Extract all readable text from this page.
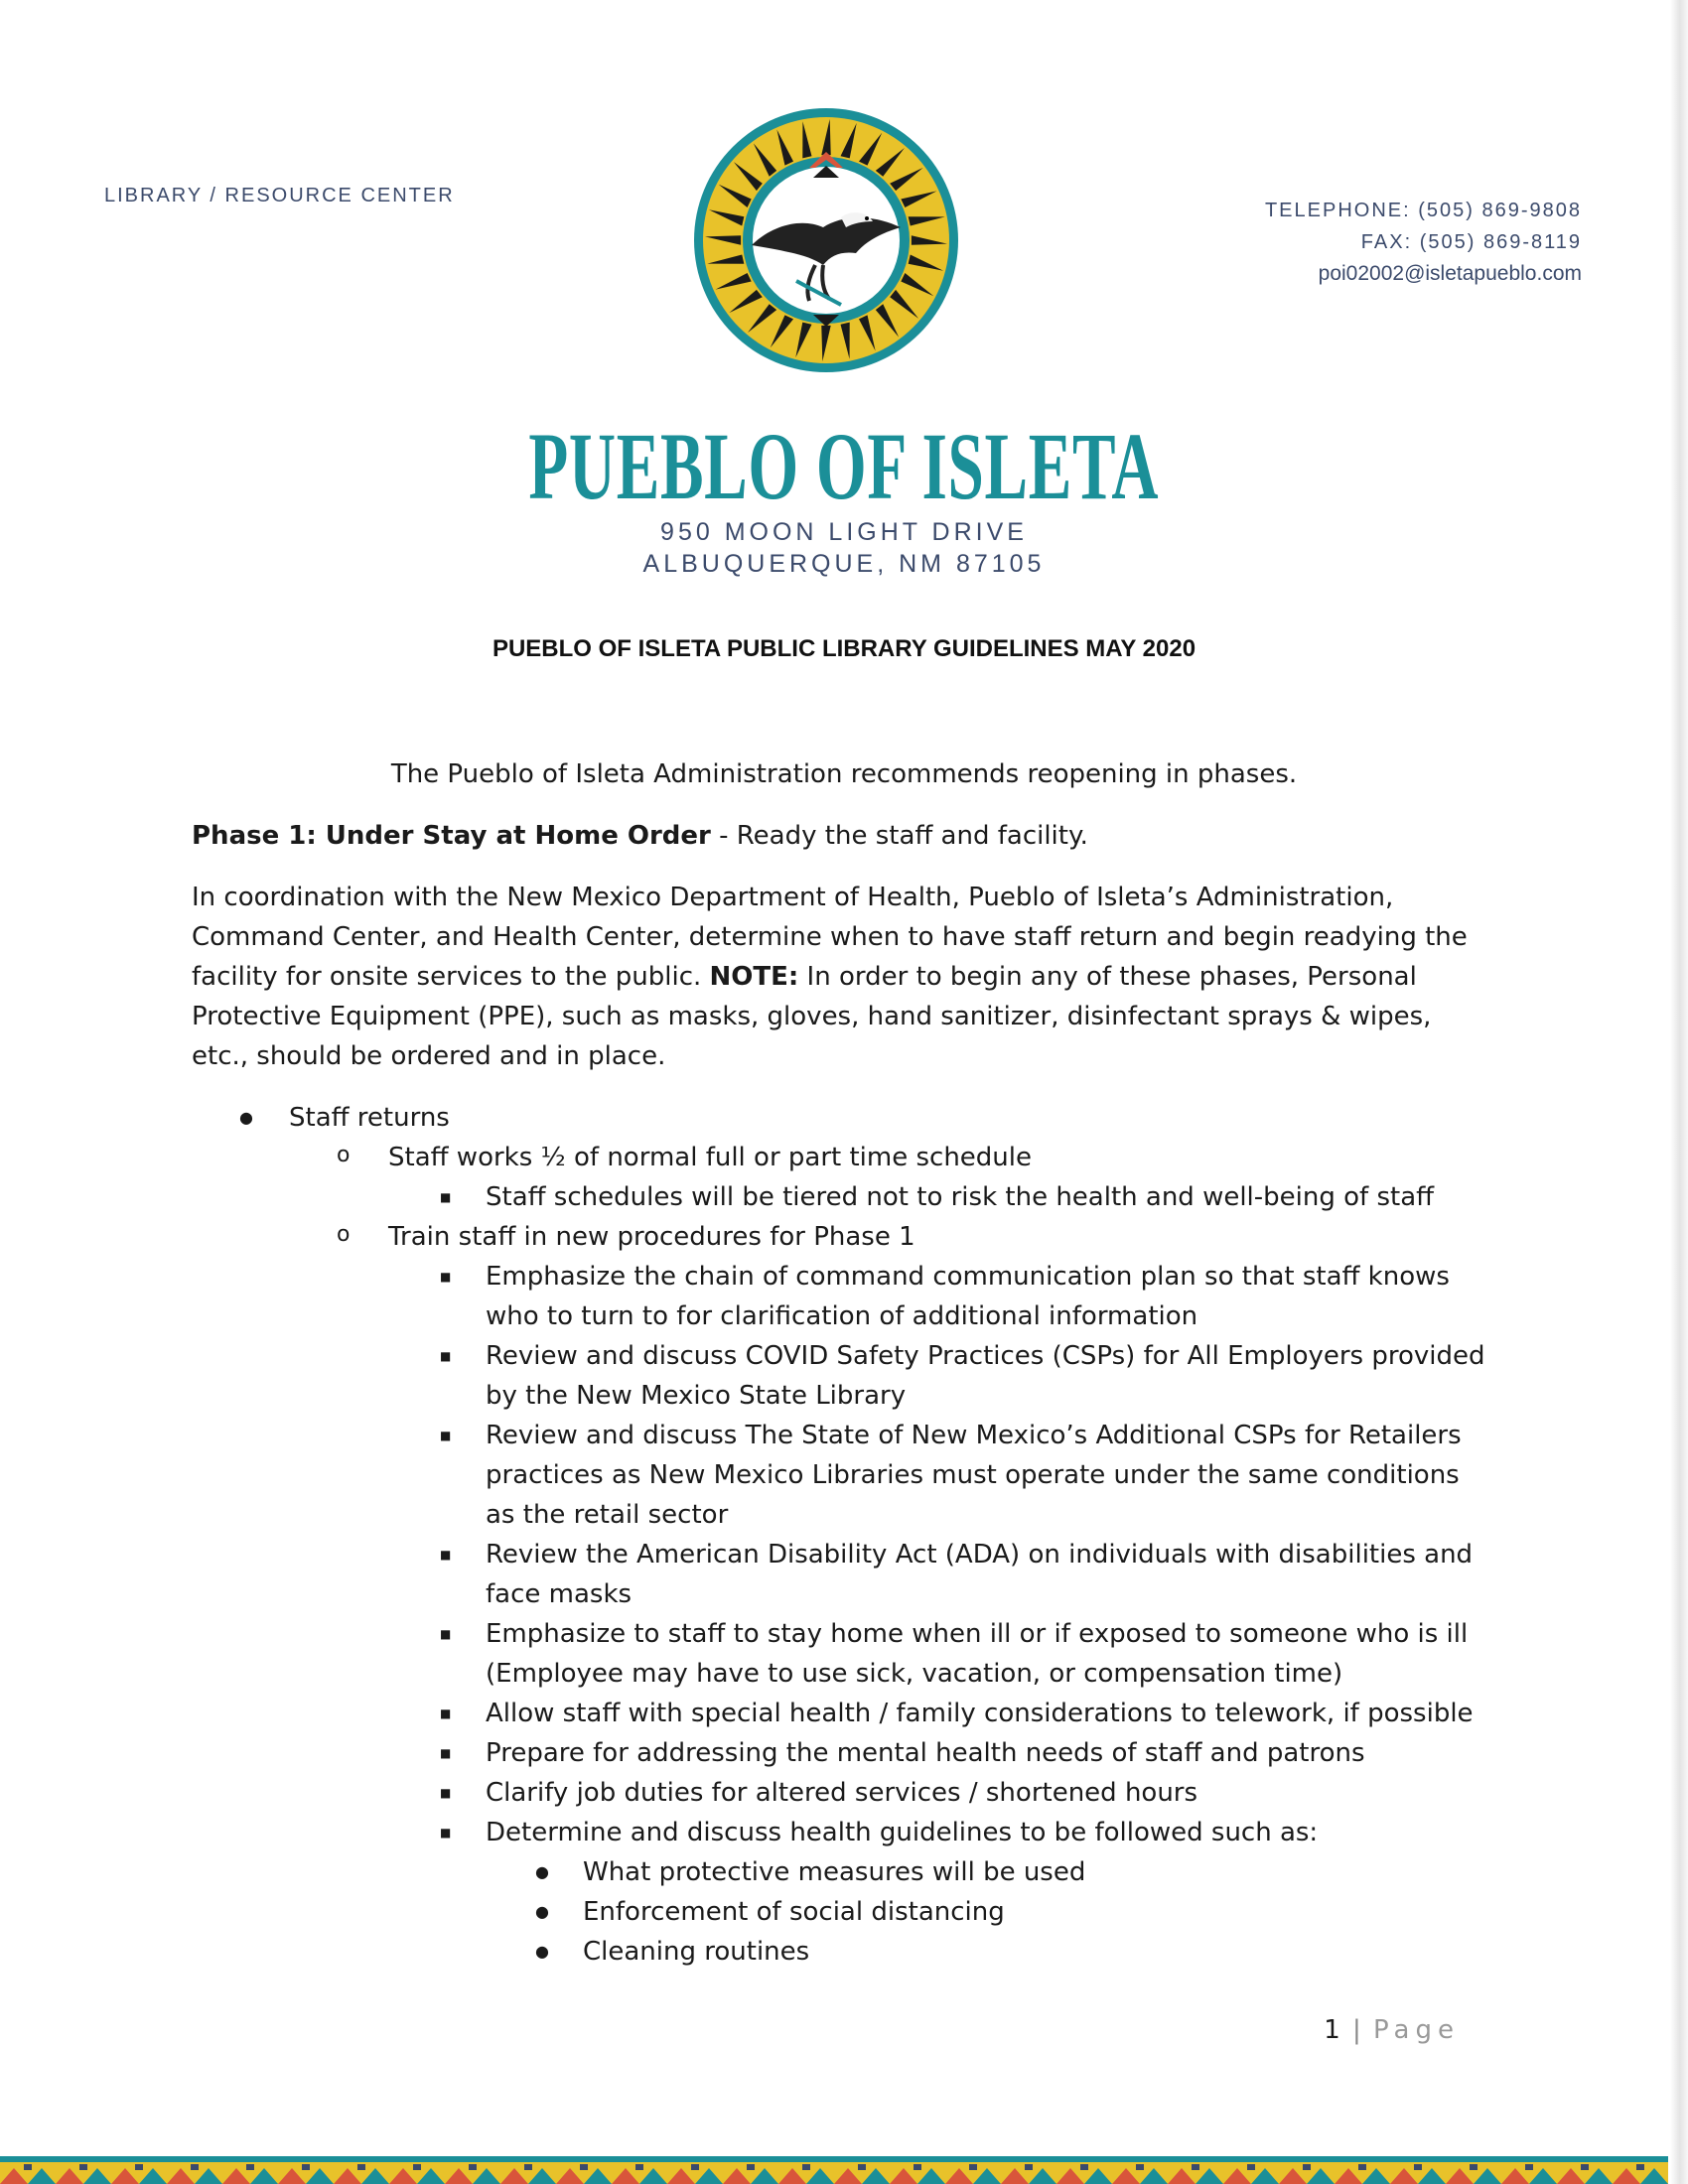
LIBRARY / RESOURCE CENTER
TELEPHONE: (505) 869-9808
FAX: (505) 869-8119
poi02002@isletapueblo.com
PUEBLO OF ISLETA
950 MOON LIGHT DRIVE
ALBUQUERQUE, NM 87105
PUEBLO OF ISLETA PUBLIC LIBRARY GUIDELINES MAY 2020

The Pueblo of Isleta Administration recommends reopening in phases.

Phase 1: Under Stay at Home Order - Ready the staff and facility.

In coordination with the New Mexico Department of Health, Pueblo of Isleta’s Administration, Command Center, and Health Center, determine when to have staff return and begin readying the facility for onsite services to the public. NOTE: In order to begin any of these phases, Personal Protective Equipment (PPE), such as masks, gloves, hand sanitizer, disinfectant sprays & wipes, etc., should be ordered and in place.

● Staff returns
o Staff works ½ of normal full or part time schedule
■ Staff schedules will be tiered not to risk the health and well-being of staff
o Train staff in new procedures for Phase 1
■ Emphasize the chain of command communication plan so that staff knows who to turn to for clarification of additional information
■ Review and discuss COVID Safety Practices (CSPs) for All Employers provided by the New Mexico State Library
■ Review and discuss The State of New Mexico’s Additional CSPs for Retailers practices as New Mexico Libraries must operate under the same conditions as the retail sector
■ Review the American Disability Act (ADA) on individuals with disabilities and face masks
■ Emphasize to staff to stay home when ill or if exposed to someone who is ill (Employee may have to use sick, vacation, or compensation time)
■ Allow staff with special health / family considerations to telework, if possible
■ Prepare for addressing the mental health needs of staff and patrons
■ Clarify job duties for altered services / shortened hours
■ Determine and discuss health guidelines to be followed such as:
● What protective measures will be used
● Enforcement of social distancing
● Cleaning routines
1 | Page
